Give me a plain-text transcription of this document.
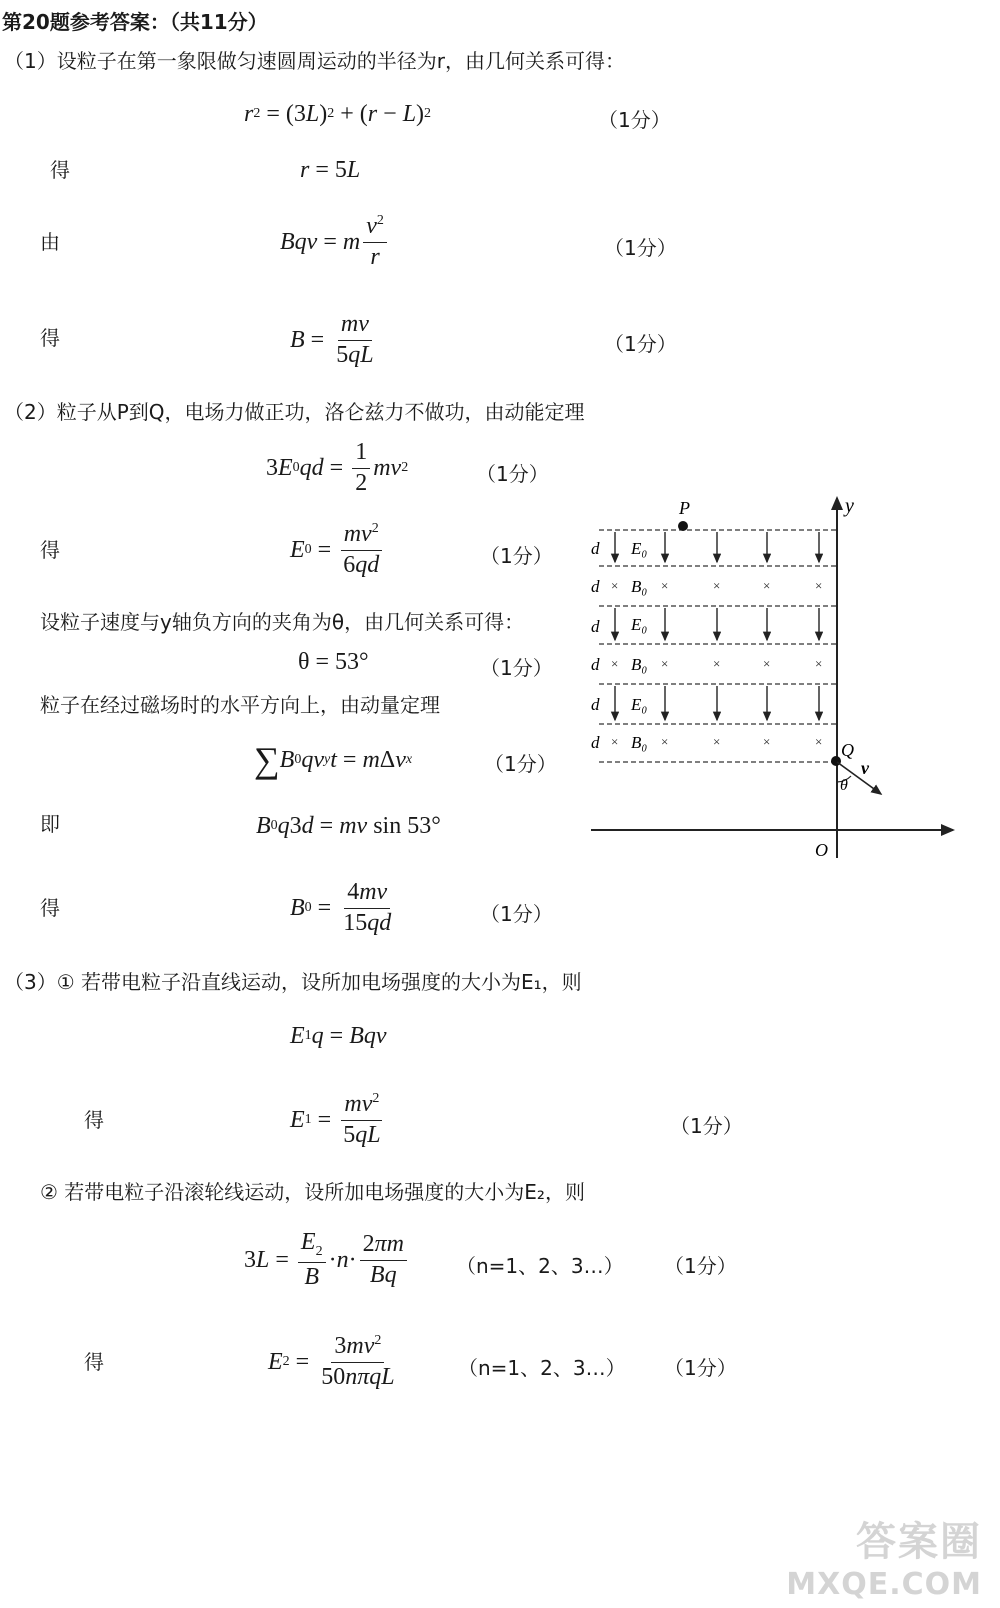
第20题参考答案：（共11分）
（1）设粒子在第一象限做匀速圆周运动的半径为r，由几何关系可得：
r 2
=
(3 L ) 2
+
( r − L ) 2	（1分）
得	r =
5 L
由	Bqv = m $\frac{v^2}{r}$	（1分）
得	B =
$\frac{mv}{5qL}$	（1分）
（2）粒子从P到Q，电场力做正功，洛仑兹力不做功，由动能定理
3 E 0 qd =
$\frac{1}{2}$ mv 2	（1分）
得	E 0
=
$\frac{mv^2}{6qd}$	（1分）
设粒子速度与y轴负方向的夹角为θ，由几何关系可得：
θ = 53°	（1分）
粒子在经过磁场时的水平方向上，由动量定理
∑ B 0 qv y t = m Δ v x	（1分）
即	B 0 q 3 d = mv sin 53°
得	B 0
=
$\frac{4mv}{15qd}$	（1分）
y
O
×	×	×	×	×
×	×	×	×	×
×	×	×	×	×
d E₀
d B₀
d E₀
d B₀
d E₀
d B₀
P
Q
v
θ
（3）① 若带电粒子沿直线运动，设所加电场强度的大小为E₁，则
E 1 q = Bqv
得	E 1
=
$\frac{mv^2}{5qL}$	（1分）
② 若带电粒子沿滚轮线运动，设所加电场强度的大小为E₂，则
3 L =
$\frac{E_2}{B} \cdot n \cdot \frac{2\pi m}{Bq} (n=1$、2、3…） （1分）
得	E 2
=
$\frac{3mv^2}{\text{50nπqL}}$	（n=1、2、3…） （1分）
答案圈
MXQE.COM
